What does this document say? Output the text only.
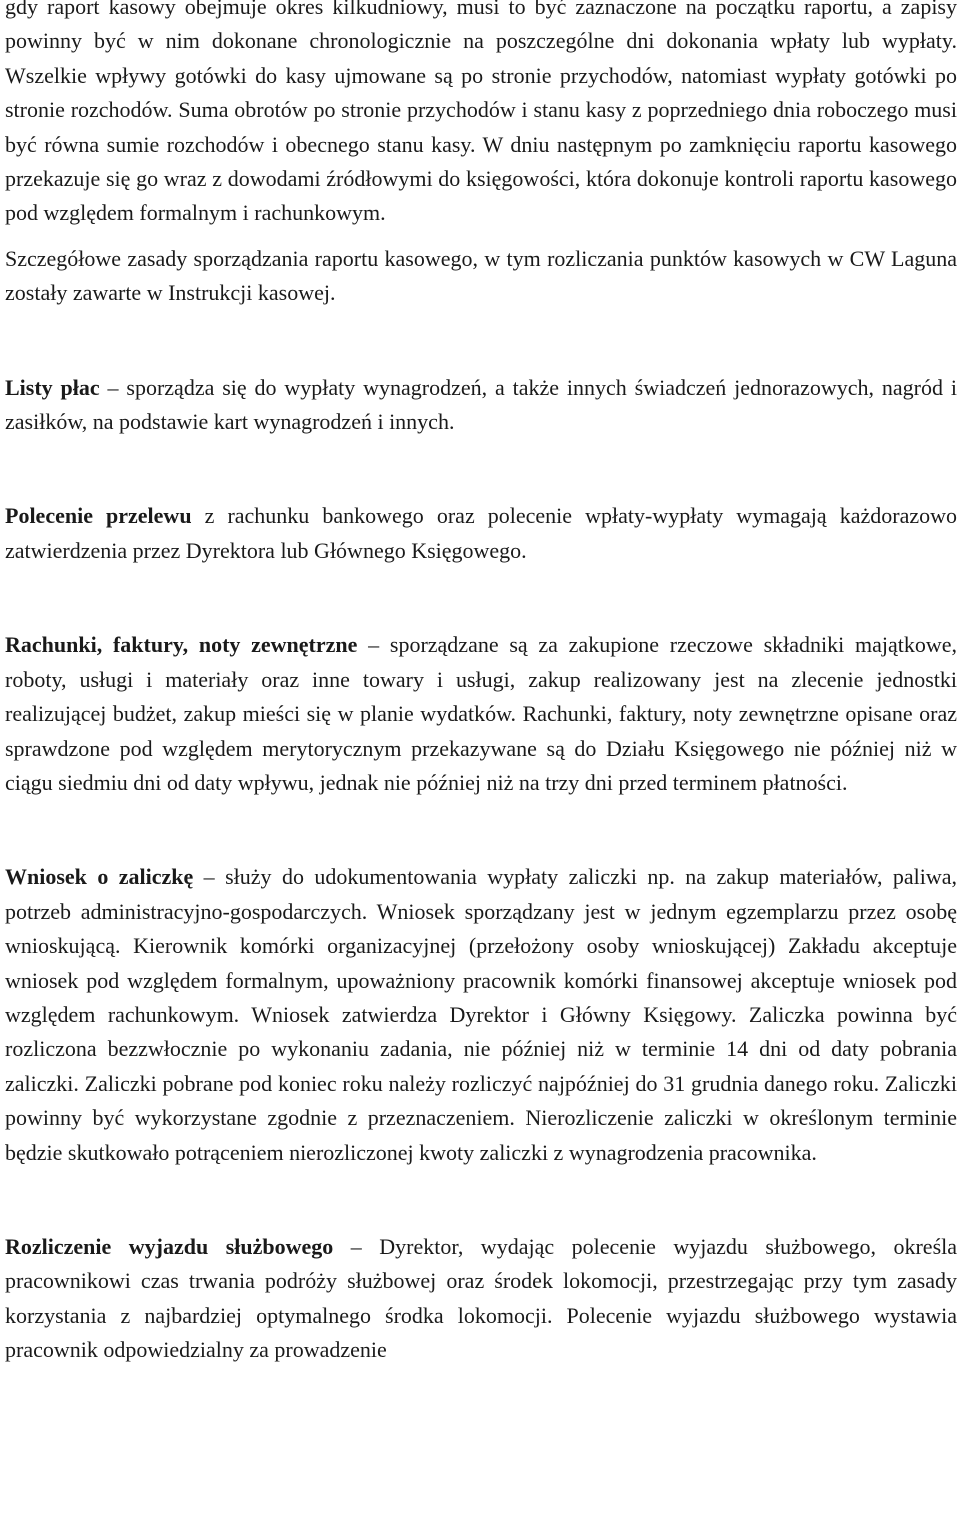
gdy raport kasowy obejmuje okres kilkudniowy, musi to być zaznaczone na początku raportu, a zapisy powinny być w nim dokonane chronologicznie na poszczególne dni dokonania wpłaty lub wypłaty. Wszelkie wpływy gotówki do kasy ujmowane są po stronie przychodów, natomiast wypłaty gotówki po stronie rozchodów. Suma obrotów po stronie przychodów i stanu kasy z poprzedniego dnia roboczego musi być równa sumie rozchodów i obecnego stanu kasy. W dniu następnym po zamknięciu raportu kasowego przekazuje się go wraz z dowodami źródłowymi do księgowości, która dokonuje kontroli raportu kasowego pod względem formalnym i rachunkowym.

Szczegółowe zasady sporządzania raportu kasowego, w tym rozliczania punktów kasowych w CW Laguna zostały zawarte w Instrukcji kasowej.

Listy płac – sporządza się do wypłaty wynagrodzeń, a także innych świadczeń jednorazowych, nagród i zasiłków, na podstawie kart wynagrodzeń i innych.

Polecenie przelewu z rachunku bankowego oraz polecenie wpłaty-wypłaty wymagają każdorazowo zatwierdzenia przez Dyrektora lub Głównego Księgowego.

Rachunki, faktury, noty zewnętrzne – sporządzane są za zakupione rzeczowe składniki majątkowe, roboty, usługi i materiały oraz inne towary i usługi, zakup realizowany jest na zlecenie jednostki realizującej budżet, zakup mieści się w planie wydatków. Rachunki, faktury, noty zewnętrzne opisane oraz sprawdzone pod względem merytorycznym przekazywane są do Działu Księgowego nie później niż w ciągu siedmiu dni od daty wpływu, jednak nie później niż na trzy dni przed terminem płatności.

Wniosek o zaliczkę – służy do udokumentowania wypłaty zaliczki np. na zakup materiałów, paliwa, potrzeb administracyjno-gospodarczych. Wniosek sporządzany jest w jednym egzemplarzu przez osobę wnioskującą. Kierownik komórki organizacyjnej (przełożony osoby wnioskującej) Zakładu akceptuje wniosek pod względem formalnym, upoważniony pracownik komórki finansowej akceptuje wniosek pod względem rachunkowym. Wniosek zatwierdza Dyrektor i Główny Księgowy. Zaliczka powinna być rozliczona bezzwłocznie po wykonaniu zadania, nie później niż w terminie 14 dni od daty pobrania zaliczki. Zaliczki pobrane pod koniec roku należy rozliczyć najpóźniej do 31 grudnia danego roku. Zaliczki powinny być wykorzystane zgodnie z przeznaczeniem. Nierozliczenie zaliczki w określonym terminie będzie skutkowało potrąceniem nierozliczonej kwoty zaliczki z wynagrodzenia pracownika.

Rozliczenie wyjazdu służbowego – Dyrektor, wydając polecenie wyjazdu służbowego, określa pracownikowi czas trwania podróży służbowej oraz środek lokomocji, przestrzegając przy tym zasady korzystania z najbardziej optymalnego środka lokomocji. Polecenie wyjazdu służbowego wystawia pracownik odpowiedzialny za prowadzenie
